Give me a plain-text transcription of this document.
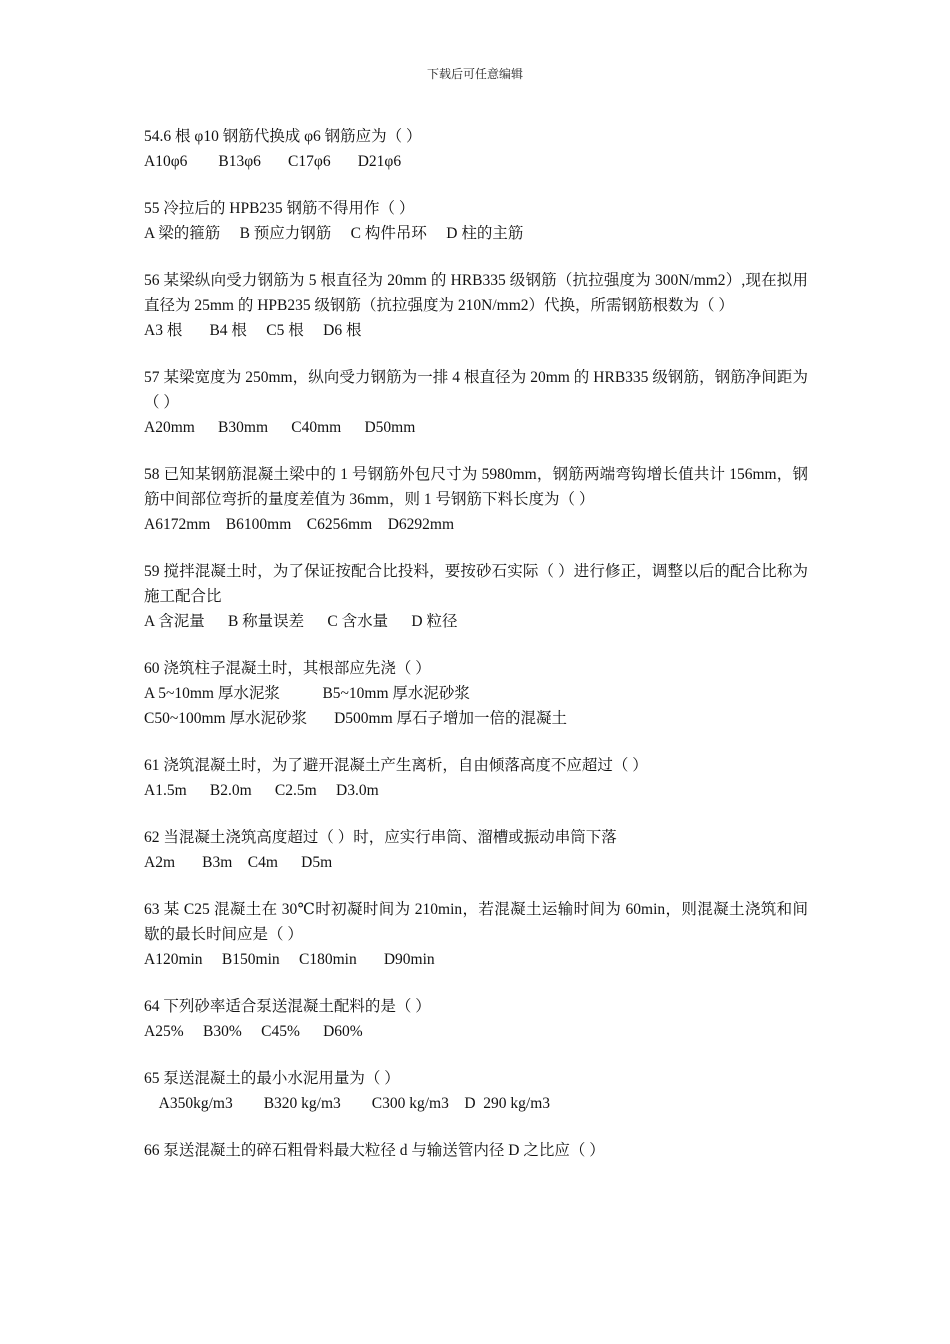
下载后可任意编辑
54.6 根 φ10 钢筋代换成 φ6 钢筋应为（ ）
A10φ6        B13φ6       C17φ6       D21φ6
55 冷拉后的 HPB235 钢筋不得用作（ ）
A 梁的箍筋     B 预应力钢筋     C 构件吊环     D 柱的主筋
56 某梁纵向受力钢筋为 5 根直径为 20mm 的 HRB335 级钢筋（抗拉强度为 300N/mm2）,现在拟用直径为 25mm 的 HPB235 级钢筋（抗拉强度为 210N/mm2）代换，所需钢筋根数为（ ）
A3 根       B4 根     C5 根     D6 根
57 某梁宽度为 250mm，纵向受力钢筋为一排 4 根直径为 20mm 的 HRB335 级钢筋，钢筋净间距为（ ）
A20mm      B30mm      C40mm      D50mm
58 已知某钢筋混凝土梁中的 1 号钢筋外包尺寸为 5980mm，钢筋两端弯钩增长值共计 156mm，钢筋中间部位弯折的量度差值为 36mm，则 1 号钢筋下料长度为（ ）
A6172mm    B6100mm    C6256mm    D6292mm
59 搅拌混凝土时，为了保证按配合比投料，要按砂石实际（ ）进行修正，调整以后的配合比称为施工配合比
A 含泥量      B 称量误差      C 含水量      D 粒径
60 浇筑柱子混凝土时，其根部应先浇（ ）
A 5~10mm 厚水泥浆           B5~10mm 厚水泥砂浆
C50~100mm 厚水泥砂浆       D500mm 厚石子增加一倍的混凝土
61 浇筑混凝土时，为了避开混凝土产生离析，自由倾落高度不应超过（ ）
A1.5m      B2.0m      C2.5m     D3.0m
62 当混凝土浇筑高度超过（ ）时，应实行串筒、溜槽或振动串筒下落
A2m       B3m    C4m      D5m
63 某 C25 混凝土在 30℃时初凝时间为 210min，若混凝土运输时间为 60min，则混凝土浇筑和间歇的最长时间应是（ ）
A120min     B150min     C180min       D90min
64 下列砂率适合泵送混凝土配料的是（ ）
A25%     B30%     C45%      D60%
65 泵送混凝土的最小水泥用量为（ ）
A350kg/m3        B320 kg/m3        C300 kg/m3    D  290 kg/m3
66 泵送混凝土的碎石粗骨料最大粒径 d 与输送管内径 D 之比应（ ）
